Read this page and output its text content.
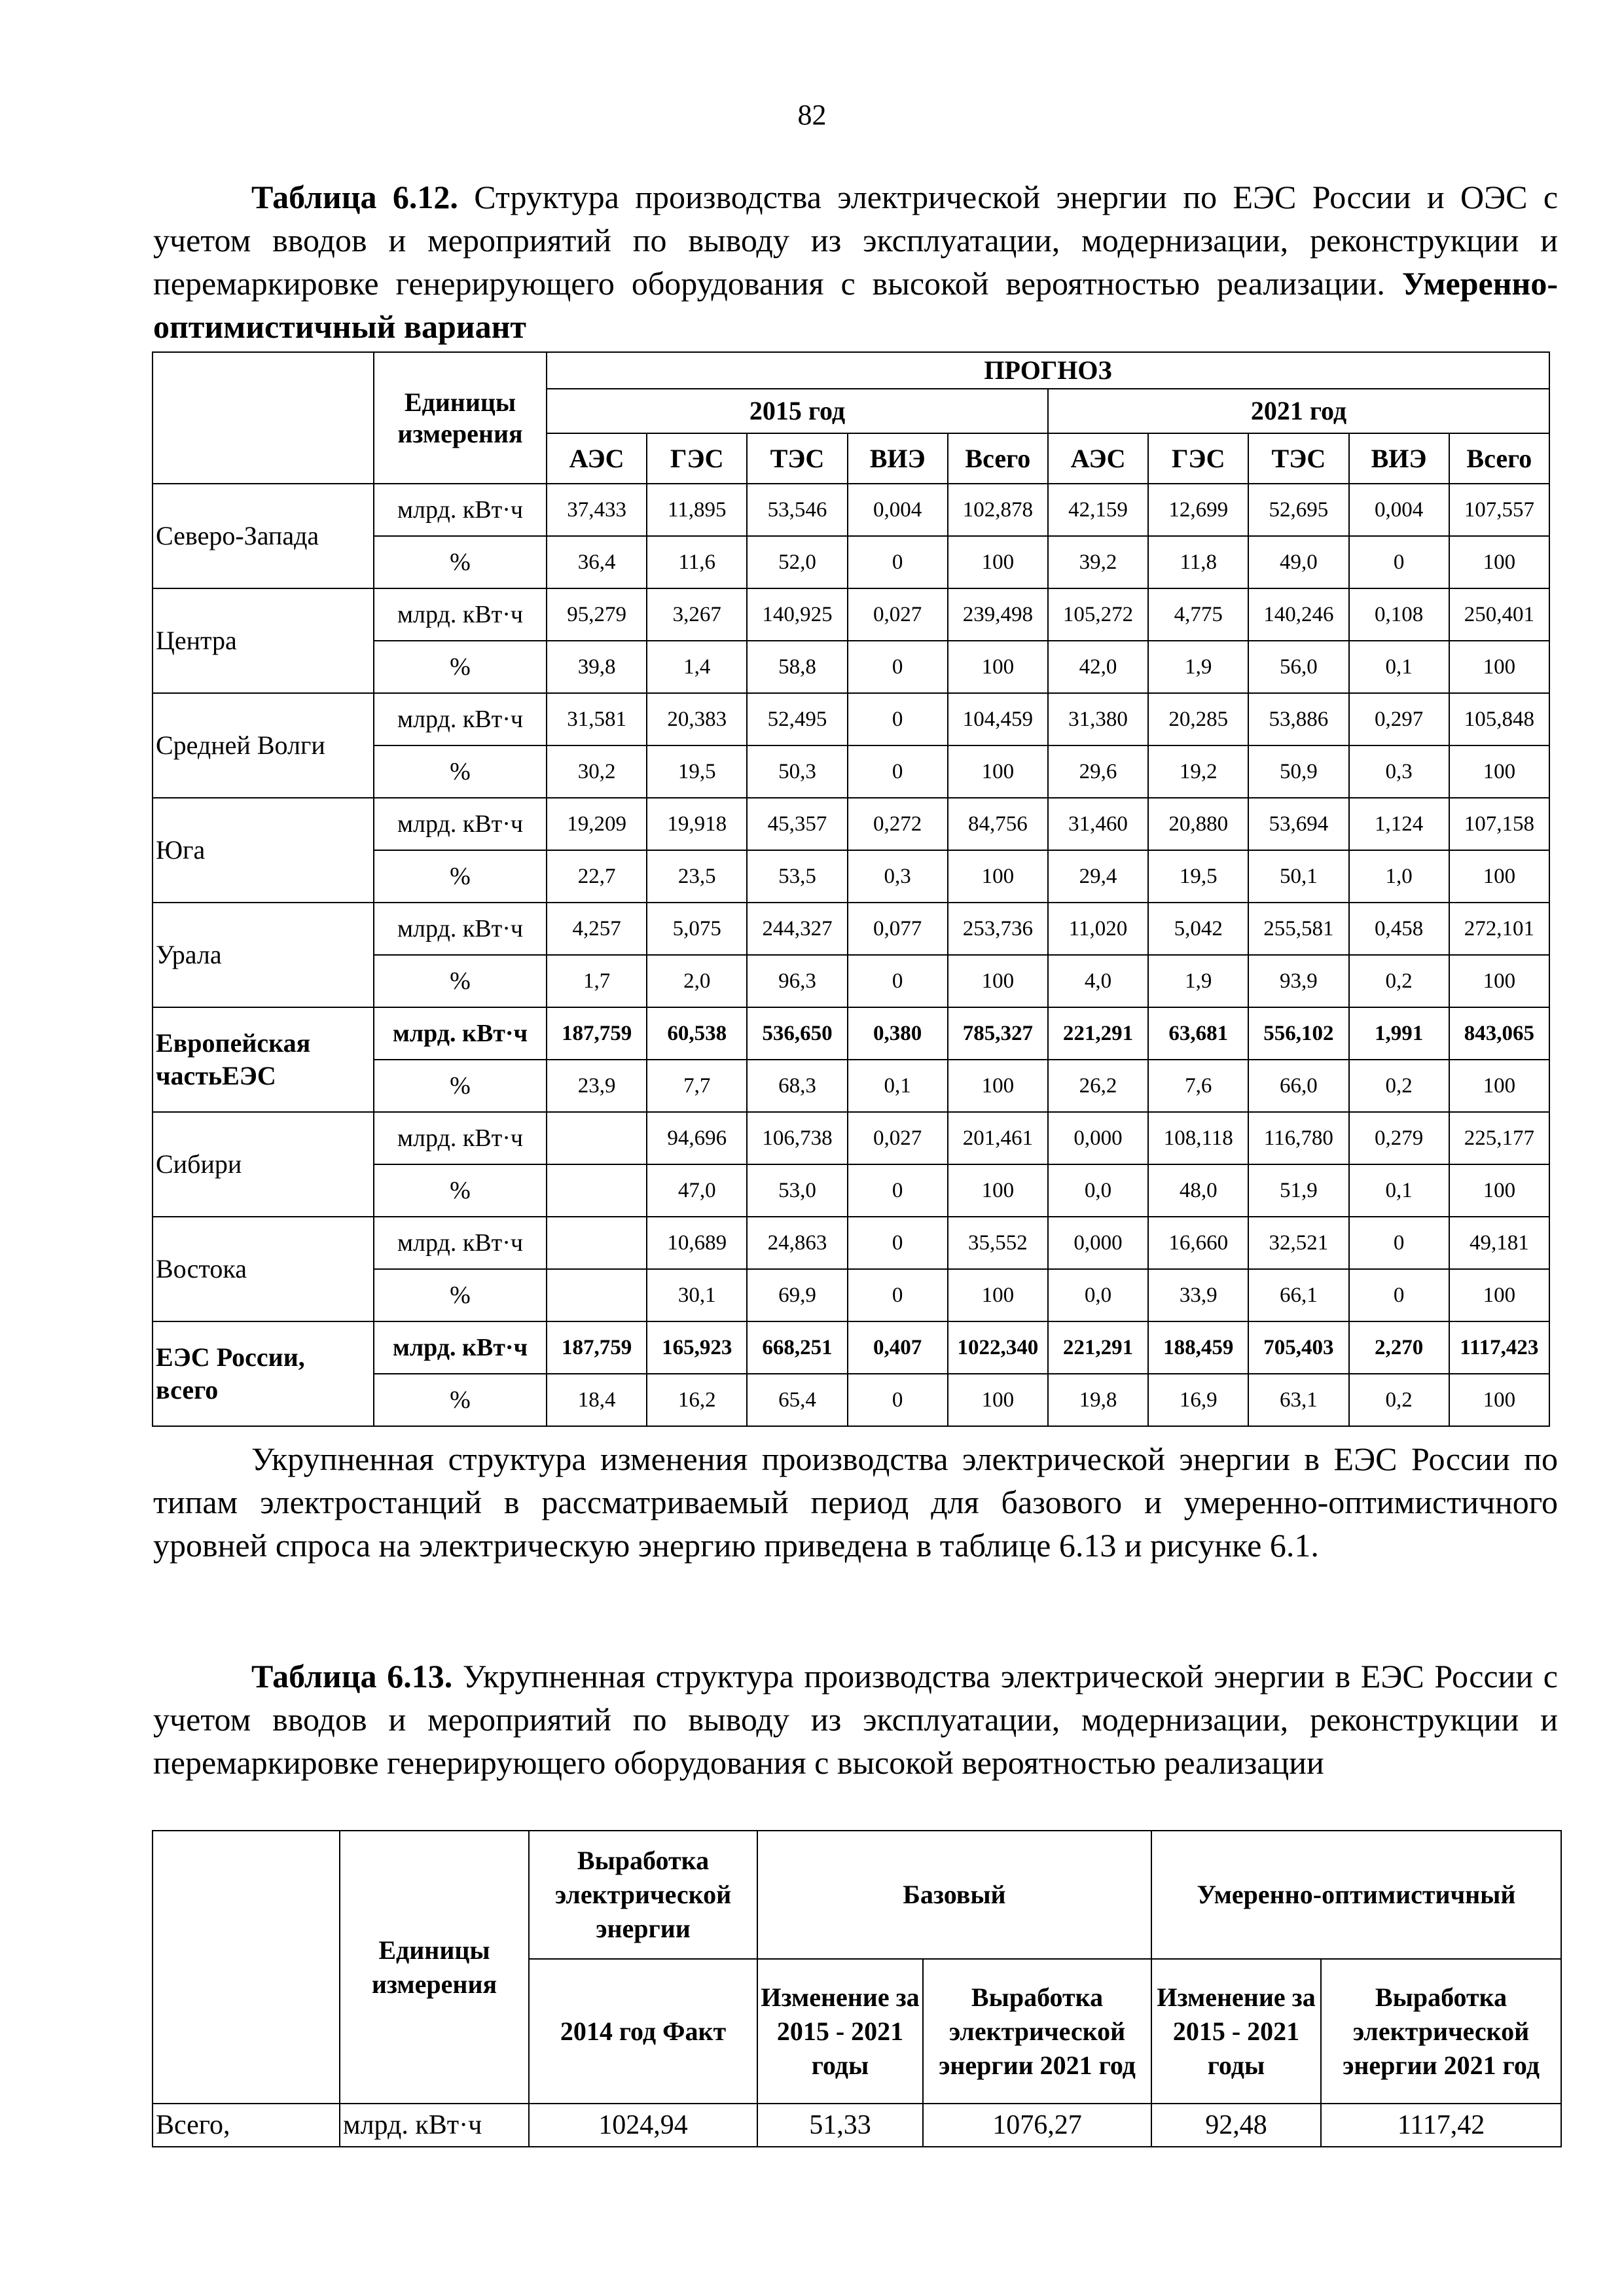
82
Таблица 6.12. Структура производства электрической энергии по ЕЭС России и ОЭС с учетом вводов и мероприятий по выводу из эксплуатации, модернизации, реконструкции и перемаркировке генерирующего оборудования с высокой вероятностью реализации. Умеренно-оптимистичный вариант
	Единицы измерения	ПРОГНОЗ									
		2015 год					2021 год				
		АЭС	ГЭС	ТЭС	ВИЭ	Всего	АЭС	ГЭС	ТЭС	ВИЭ	Всего
Северо-Запада	млрд. кВт·ч	37,433	11,895	53,546	0,004	102,878	42,159	12,699	52,695	0,004	107,557
	%	36,4	11,6	52,0	0	100	39,2	11,8	49,0	0	100
Центра	млрд. кВт·ч	95,279	3,267	140,925	0,027	239,498	105,272	4,775	140,246	0,108	250,401
	%	39,8	1,4	58,8	0	100	42,0	1,9	56,0	0,1	100
Средней Волги	млрд. кВт·ч	31,581	20,383	52,495	0	104,459	31,380	20,285	53,886	0,297	105,848
	%	30,2	19,5	50,3	0	100	29,6	19,2	50,9	0,3	100
Юга	млрд. кВт·ч	19,209	19,918	45,357	0,272	84,756	31,460	20,880	53,694	1,124	107,158
	%	22,7	23,5	53,5	0,3	100	29,4	19,5	50,1	1,0	100
Урала	млрд. кВт·ч	4,257	5,075	244,327	0,077	253,736	11,020	5,042	255,581	0,458	272,101
	%	1,7	2,0	96,3	0	100	4,0	1,9	93,9	0,2	100
Европейская частьЕЭС	млрд. кВт·ч	187,759	60,538	536,650	0,380	785,327	221,291	63,681	556,102	1,991	843,065
	%	23,9	7,7	68,3	0,1	100	26,2	7,6	66,0	0,2	100
Сибири	млрд. кВт·ч		94,696	106,738	0,027	201,461	0,000	108,118	116,780	0,279	225,177
	%		47,0	53,0	0	100	0,0	48,0	51,9	0,1	100
Востока	млрд. кВт·ч		10,689	24,863	0	35,552	0,000	16,660	32,521	0	49,181
	%		30,1	69,9	0	100	0,0	33,9	66,1	0	100
ЕЭС России, всего	млрд. кВт·ч	187,759	165,923	668,251	0,407	1022,340	221,291	188,459	705,403	2,270	1117,423
	%	18,4	16,2	65,4	0	100	19,8	16,9	63,1	0,2	100
Укрупненная структура изменения производства электрической энергии в ЕЭС России по типам электростанций в рассматриваемый период для базового и умеренно-оптимистичного уровней спроса на электрическую энергию приведена в таблице 6.13 и рисунке 6.1.
Таблица 6.13. Укрупненная структура производства электрической энергии в ЕЭС России с учетом вводов и мероприятий по выводу из эксплуатации, модернизации, реконструкции и перемаркировке генерирующего оборудования с высокой вероятностью реализации
	Единицы измерения	Выработка электрической энергии	Базовый		Умеренно-оптимистичный	
		2014 год Факт	Изменение за 2015 - 2021 годы	Выработка электрической энергии 2021 год	Изменение за 2015 - 2021 годы	Выработка электрической энергии 2021 год
Всего,	млрд. кВт·ч	1024,94	51,33	1076,27	92,48	1117,42
